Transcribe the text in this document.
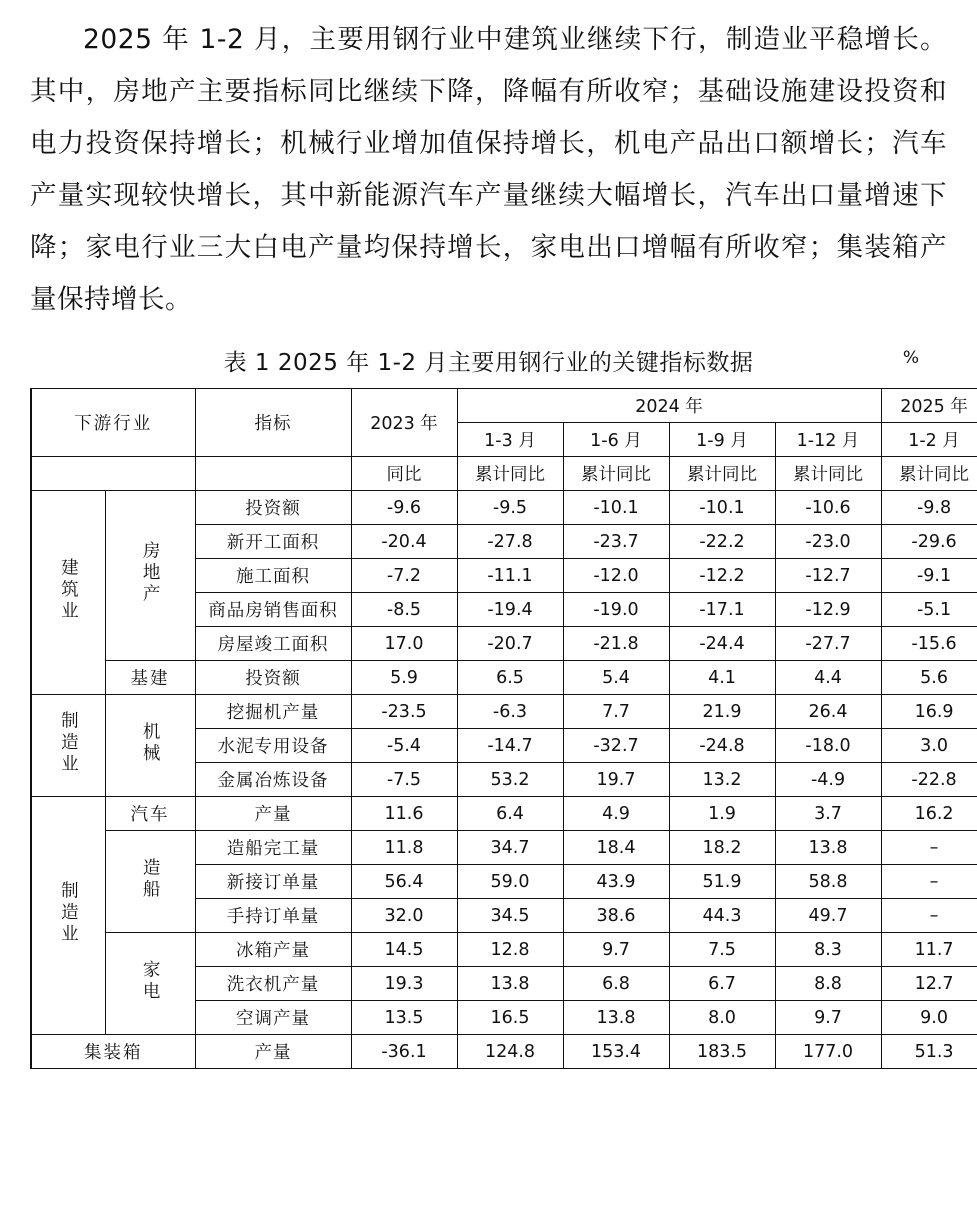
2025 年 1-2 月，主要用钢行业中建筑业继续下行，制造业平稳增长。其中，房地产主要指标同比继续下降，降幅有所收窄；基础设施建设投资和电力投资保持增长；机械行业增加值保持增长，机电产品出口额增长；汽车产量实现较快增长，其中新能源汽车产量继续大幅增长，汽车出口量增速下降；家电行业三大白电产量均保持增长，家电出口增幅有所收窄；集装箱产量保持增长。

表 1 2025 年 1-2 月主要用钢行业的关键指标数据	%
下游行业		指标	2023 年	2024 年				2025 年
				1-3 月	1-6 月	1-9 月	1-12 月	1-2 月
			同比	累计同比	累计同比	累计同比	累计同比	累计同比
建筑业	房地产	投资额	-9.6	-9.5	-10.1	-10.1	-10.6	-9.8
		新开工面积	-20.4	-27.8	-23.7	-22.2	-23.0	-29.6
		施工面积	-7.2	-11.1	-12.0	-12.2	-12.7	-9.1
		商品房销售面积	-8.5	-19.4	-19.0	-17.1	-12.9	-5.1
		房屋竣工面积	17.0	-20.7	-21.8	-24.4	-27.7	-15.6
	基建	投资额	5.9	6.5	5.4	4.1	4.4	5.6
制造业	机械	挖掘机产量	-23.5	-6.3	7.7	21.9	26.4	16.9
		水泥专用设备	-5.4	-14.7	-32.7	-24.8	-18.0	3.0
		金属冶炼设备	-7.5	53.2	19.7	13.2	-4.9	-22.8
制造业	汽车	产量	11.6	6.4	4.9	1.9	3.7	16.2
	造船	造船完工量	11.8	34.7	18.4	18.2	13.8	–
		新接订单量	56.4	59.0	43.9	51.9	58.8	–
		手持订单量	32.0	34.5	38.6	44.3	49.7	–
	家电	冰箱产量	14.5	12.8	9.7	7.5	8.3	11.7
		洗衣机产量	19.3	13.8	6.8	6.7	8.8	12.7
		空调产量	13.5	16.5	13.8	8.0	9.7	9.0
集装箱		产量	-36.1	124.8	153.4	183.5	177.0	51.3
